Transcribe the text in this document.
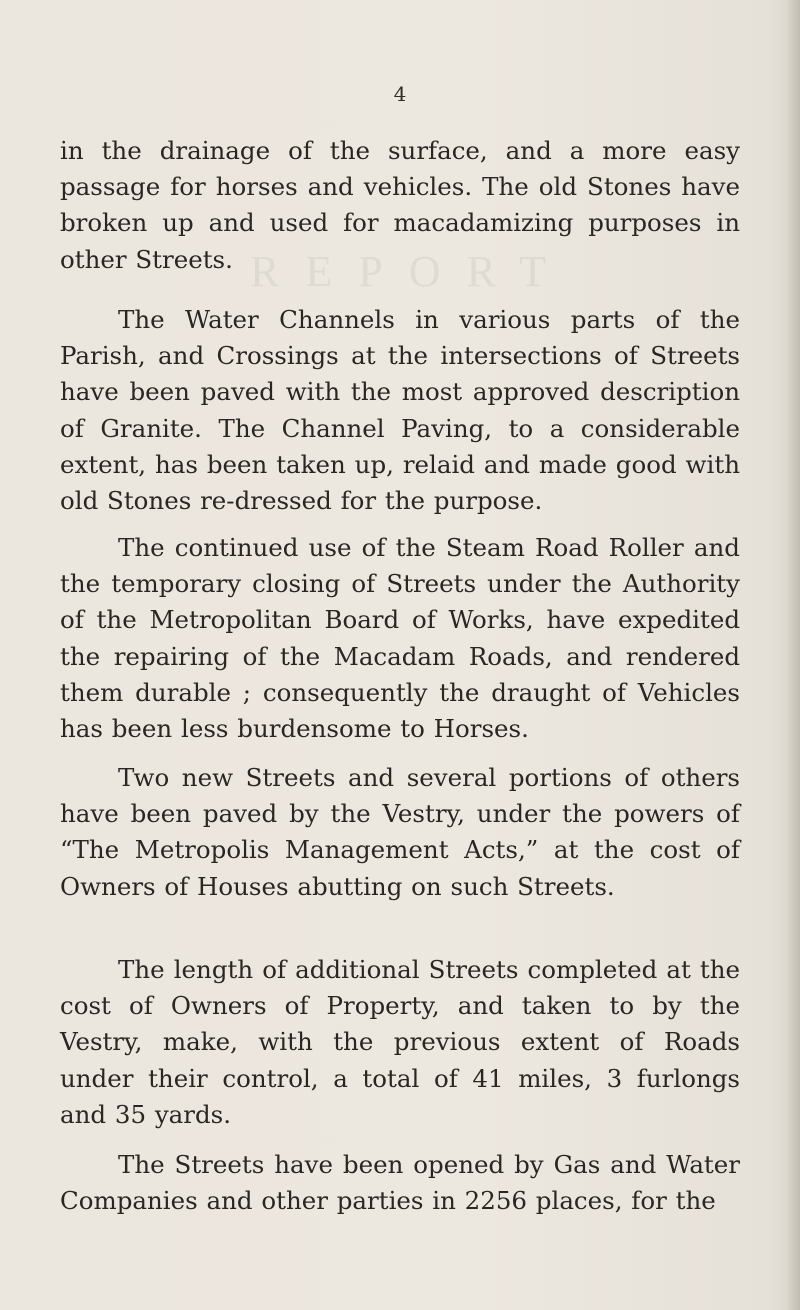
REPORT
4
in the drainage of the surface, and a more easy passage for horses and vehicles. The old Stones have broken up and used for macadamizing purposes in other Streets.
The Water Channels in various parts of the Parish, and Crossings at the intersections of Streets have been paved with the most approved description of Granite. The Channel Paving, to a considerable extent, has been taken up, relaid and made good with old Stones re-dressed for the purpose.
The continued use of the Steam Road Roller and the temporary closing of Streets under the Authority of the Metropolitan Board of Works, have expedited the repairing of the Macadam Roads, and rendered them durable ; consequently the draught of Vehicles has been less burdensome to Horses.
Two new Streets and several portions of others have been paved by the Vestry, under the powers of “The Metropolis Management Acts,” at the cost of Owners of Houses abutting on such Streets.
The length of additional Streets completed at the cost of Owners of Property, and taken to by the Vestry, make, with the previous extent of Roads under their control, a total of 41 miles, 3 furlongs and 35 yards.
The Streets have been opened by Gas and Water Companies and other parties in 2256 places, for the
